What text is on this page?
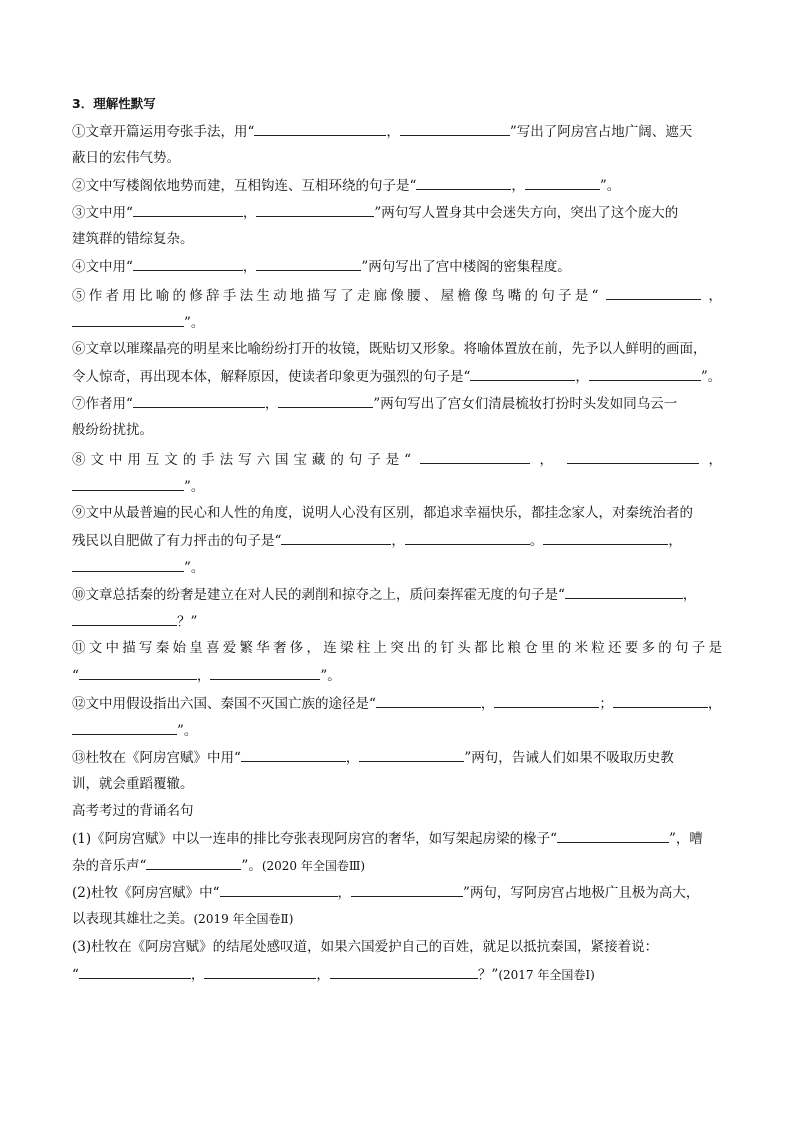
3．理解性默写
①文章开篇运用夸张手法，用“	，	”写出了阿房宫占地广阔、遮天
蔽日的宏伟气势。
②文中写楼阁依地势而建，互相钩连、互相环绕的句子是“	，	”。
③文中用“	，	”两句写人置身其中会迷失方向，突出了这个庞大的
建筑群的错综复杂。
④文中用“	，	”两句写出了宫中楼阁的密集程度。
⑤作者用比喻的修辞手法生动地描写了走廊像腰、屋檐像鸟嘴的句子是“	，
”。
⑥文章以璀璨晶亮的明星来比喻纷纷打开的妆镜，既贴切又形象。将喻体置放在前，先予以人鲜明的画面，
令人惊奇，再出现本体，解释原因，使读者印象更为强烈的句子是“	，	”。
⑦作者用“	，	”两句写出了宫女们清晨梳妆打扮时头发如同乌云一
般纷纷扰扰。
⑧文中用互文的手法写六国宝藏的句子是“	，	，
”。
⑨文中从最普遍的民心和人性的角度，说明人心没有区别，都追求幸福快乐，都挂念家人，对秦统治者的
残民以自肥做了有力抨击的句子是“	，	。	，
”。
⑩文章总括秦的纷奢是建立在对人民的剥削和掠夺之上，质问秦挥霍无度的句子是“	，
？”
⑪文中描写秦始皇喜爱繁华奢侈，连梁柱上突出的钉头都比粮仓里的米粒还要多的句子是
“	，	”。
⑫文中用假设指出六国、秦国不灭国亡族的途径是“	，	；	，
”。
⑬杜牧在《阿房宫赋》中用“	，	”两句，告诫人们如果不吸取历史教
训，就会重蹈覆辙。
高考考过的背诵名句
(1)《阿房宫赋》中以一连串的排比夸张表现阿房宫的奢华，如写架起房梁的椽子“	”，嘈
杂的音乐声“	”。(2020 年全国卷Ⅲ)
(2)杜牧《阿房宫赋》中“	，	”两句，写阿房宫占地极广且极为高大，
以表现其雄壮之美。(2019 年全国卷Ⅱ)
(3)杜牧在《阿房宫赋》的结尾处感叹道，如果六国爱护自己的百姓，就足以抵抗秦国，紧接着说：
“	，	，	？”(2017 年全国卷Ⅰ)
